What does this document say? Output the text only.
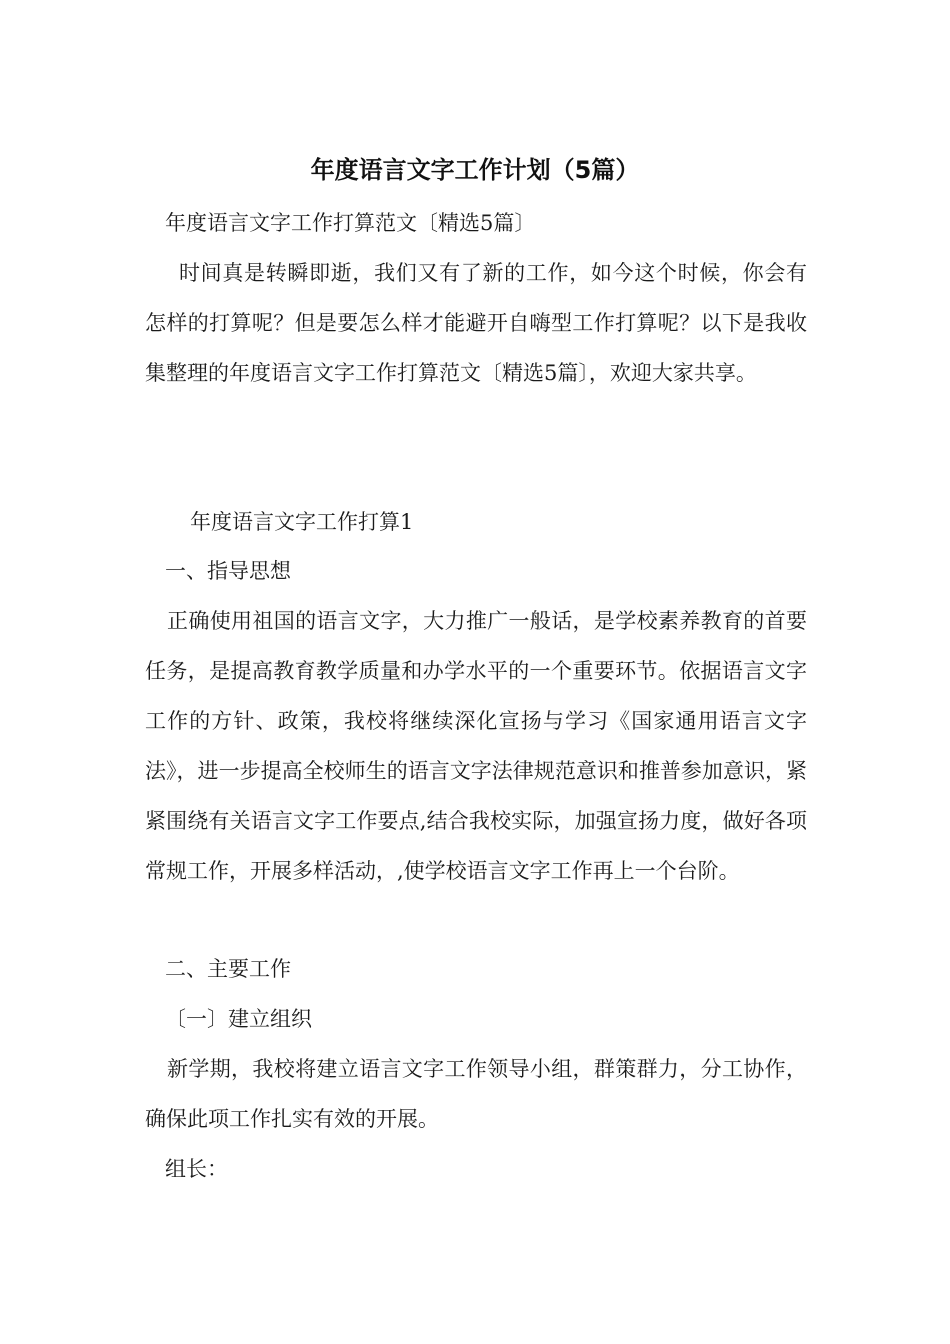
年度语言文字工作计划（5篇）

年度语言文字工作打算范文〔精选5篇〕

时间真是转瞬即逝，我们又有了新的工作，如今这个时候，你会有怎样的打算呢？但是要怎么样才能避开自嗨型工作打算呢？以下是我收集整理的年度语言文字工作打算范文〔精选5篇〕，欢迎大家共享。

年度语言文字工作打算1

一、指导思想

正确使用祖国的语言文字，大力推广一般话，是学校素养教育的首要任务，是提高教育教学质量和办学水平的一个重要环节。依据语言文字工作的方针、政策，我校将继续深化宣扬与学习《国家通用语言文字法》，进一步提高全校师生的语言文字法律规范意识和推普参加意识，紧紧围绕有关语言文字工作要点,结合我校实际，加强宣扬力度，做好各项常规工作，开展多样活动，,使学校语言文字工作再上一个台阶。

二、主要工作

〔一〕建立组织

新学期，我校将建立语言文字工作领导小组，群策群力，分工协作，确保此项工作扎实有效的开展。

组长：
